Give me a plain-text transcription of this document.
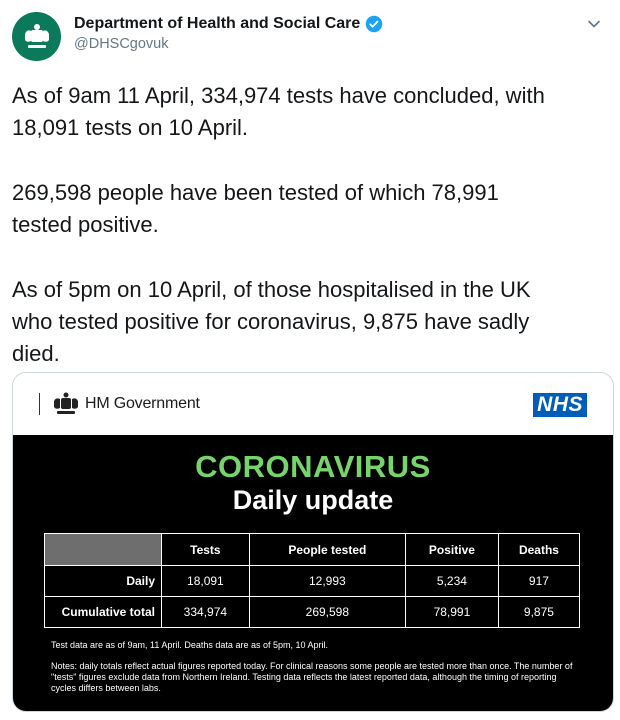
Department of Health and Social Care
@DHSCgovuk

As of 9am 11 April, 334,974 tests have concluded, with
18,091 tests on 10 April.

269,598 people have been tested of which 78,991
tested positive.

As of 5pm on 10 April, of those hospitalised in the UK
who tested positive for coronavirus, 9,875 have sadly
died.

HM Government	NHS
CORONAVIRUS
Daily update
	Tests	People tested	Positive	Deaths
Daily	18,091	12,993	5,234	917
Cumulative total	334,974	269,598	78,991	9,875
Test data are as of 9am, 11 April. Deaths data are as of 5pm, 10 April.
Notes: daily totals reflect actual figures reported today. For clinical reasons some people are tested more than once. The number of "tests" figures exclude data from Northern Ireland. Testing data reflects the latest reported data, although the timing of reporting cycles differs between labs.
